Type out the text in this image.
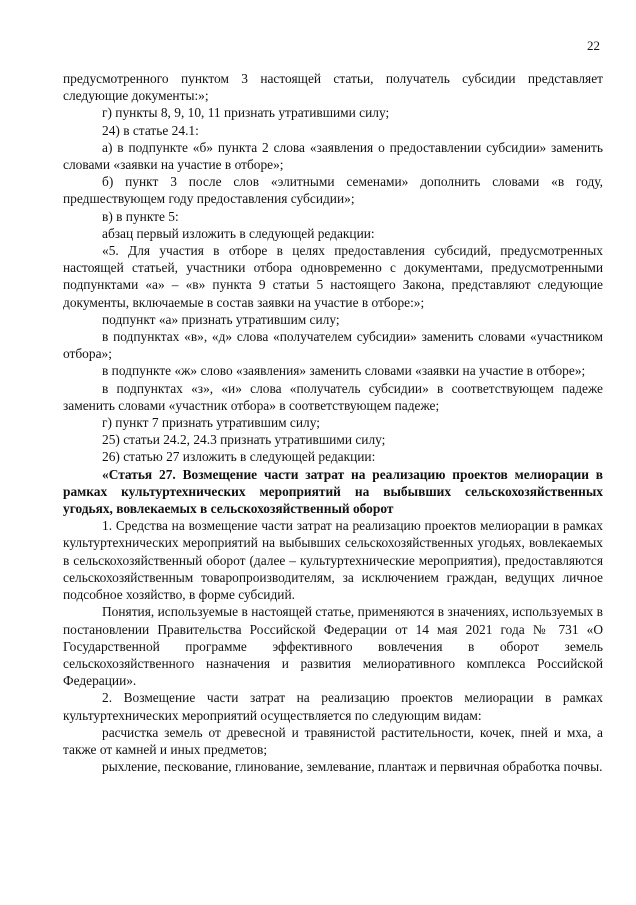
22

предусмотренного пунктом 3 настоящей статьи, получатель субсидии представляет следующие документы:»;

г) пункты 8, 9, 10, 11 признать утратившими силу;

24) в статье 24.1:

а) в подпункте «б» пункта 2 слова «заявления о предоставлении субсидии» заменить словами «заявки на участие в отборе»;

б) пункт 3 после слов «элитными семенами» дополнить словами «в году, предшествующем году предоставления субсидии»;

в) в пункте 5:

абзац первый изложить в следующей редакции:

«5. Для участия в отборе в целях предоставления субсидий, предусмотренных настоящей статьей, участники отбора одновременно с документами, предусмотренными подпунктами «а» – «в» пункта 9 статьи 5 настоящего Закона, представляют следующие документы, включаемые в состав заявки на участие в отборе:»;

подпункт «а» признать утратившим силу;

в подпунктах «в», «д» слова «получателем субсидии» заменить словами «участником отбора»;

в подпункте «ж» слово «заявления» заменить словами «заявки на участие в отборе»;

в подпунктах «з», «и» слова «получатель субсидии» в соответствующем падеже заменить словами «участник отбора» в соответствующем падеже;

г) пункт 7 признать утратившим силу;

25) статьи 24.2, 24.3 признать утратившими силу;

26) статью 27 изложить в следующей редакции:

«Статья 27. Возмещение части затрат на реализацию проектов мелиорации в рамках культуртехнических мероприятий на выбывших сельскохозяйственных угодьях, вовлекаемых в сельскохозяйственный оборот

1. Средства на возмещение части затрат на реализацию проектов мелиорации в рамках культуртехнических мероприятий на выбывших сельскохозяйственных угодьях, вовлекаемых в сельскохозяйственный оборот (далее – культуртехнические мероприятия), предоставляются сельскохозяйственным товаропроизводителям, за исключением граждан, ведущих личное подсобное хозяйство, в форме субсидий.

Понятия, используемые в настоящей статье, применяются в значениях, используемых в постановлении Правительства Российской Федерации от 14 мая 2021 года № 731 «О Государственной программе эффективного вовлечения в оборот земель сельскохозяйственного назначения и развития мелиоративного комплекса Российской Федерации».

2. Возмещение части затрат на реализацию проектов мелиорации в рамках культуртехнических мероприятий осуществляется по следующим видам:

расчистка земель от древесной и травянистой растительности, кочек, пней и мха, а также от камней и иных предметов;

рыхление, пескование, глинование, землевание, плантаж и первичная обработка почвы.
